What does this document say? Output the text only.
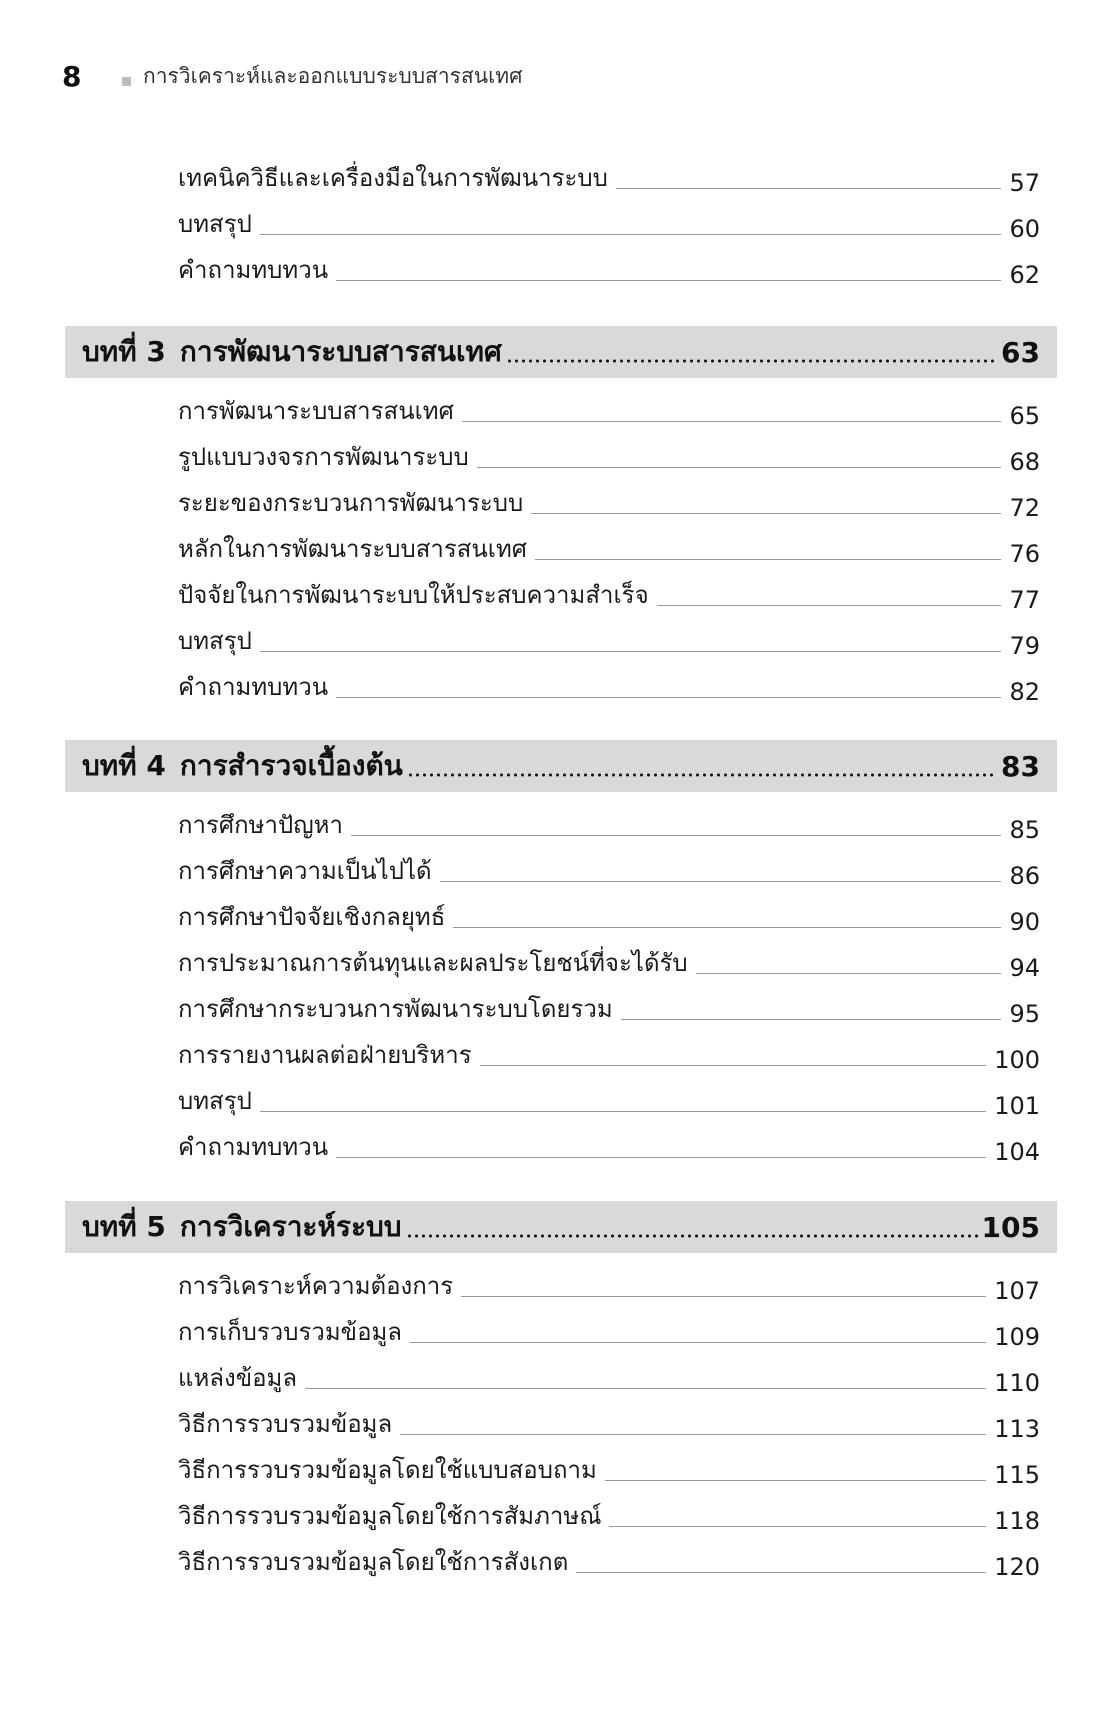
8	การวิเคราะห์และออกแบบระบบสารสนเทศ
เทคนิควิธีและเครื่องมือในการพัฒนาระบบ	57
บทสรุป	60
คำถามทบทวน	62
บทที่ 3 การพัฒนาระบบสารสนเทศ	63
การพัฒนาระบบสารสนเทศ	65
รูปแบบวงจรการพัฒนาระบบ	68
ระยะของกระบวนการพัฒนาระบบ	72
หลักในการพัฒนาระบบสารสนเทศ	76
ปัจจัยในการพัฒนาระบบให้ประสบความสำเร็จ	77
บทสรุป	79
คำถามทบทวน	82
บทที่ 4 การสำรวจเบื้องต้น	83
การศึกษาปัญหา	85
การศึกษาความเป็นไปได้	86
การศึกษาปัจจัยเชิงกลยุทธ์	90
การประมาณการต้นทุนและผลประโยชน์ที่จะได้รับ	94
การศึกษากระบวนการพัฒนาระบบโดยรวม	95
การรายงานผลต่อฝ่ายบริหาร	100
บทสรุป	101
คำถามทบทวน	104
บทที่ 5 การวิเคราะห์ระบบ	105
การวิเคราะห์ความต้องการ	107
การเก็บรวบรวมข้อมูล	109
แหล่งข้อมูล	110
วิธีการรวบรวมข้อมูล	113
วิธีการรวบรวมข้อมูลโดยใช้แบบสอบถาม	115
วิธีการรวบรวมข้อมูลโดยใช้การสัมภาษณ์	118
วิธีการรวบรวมข้อมูลโดยใช้การสังเกต	120
